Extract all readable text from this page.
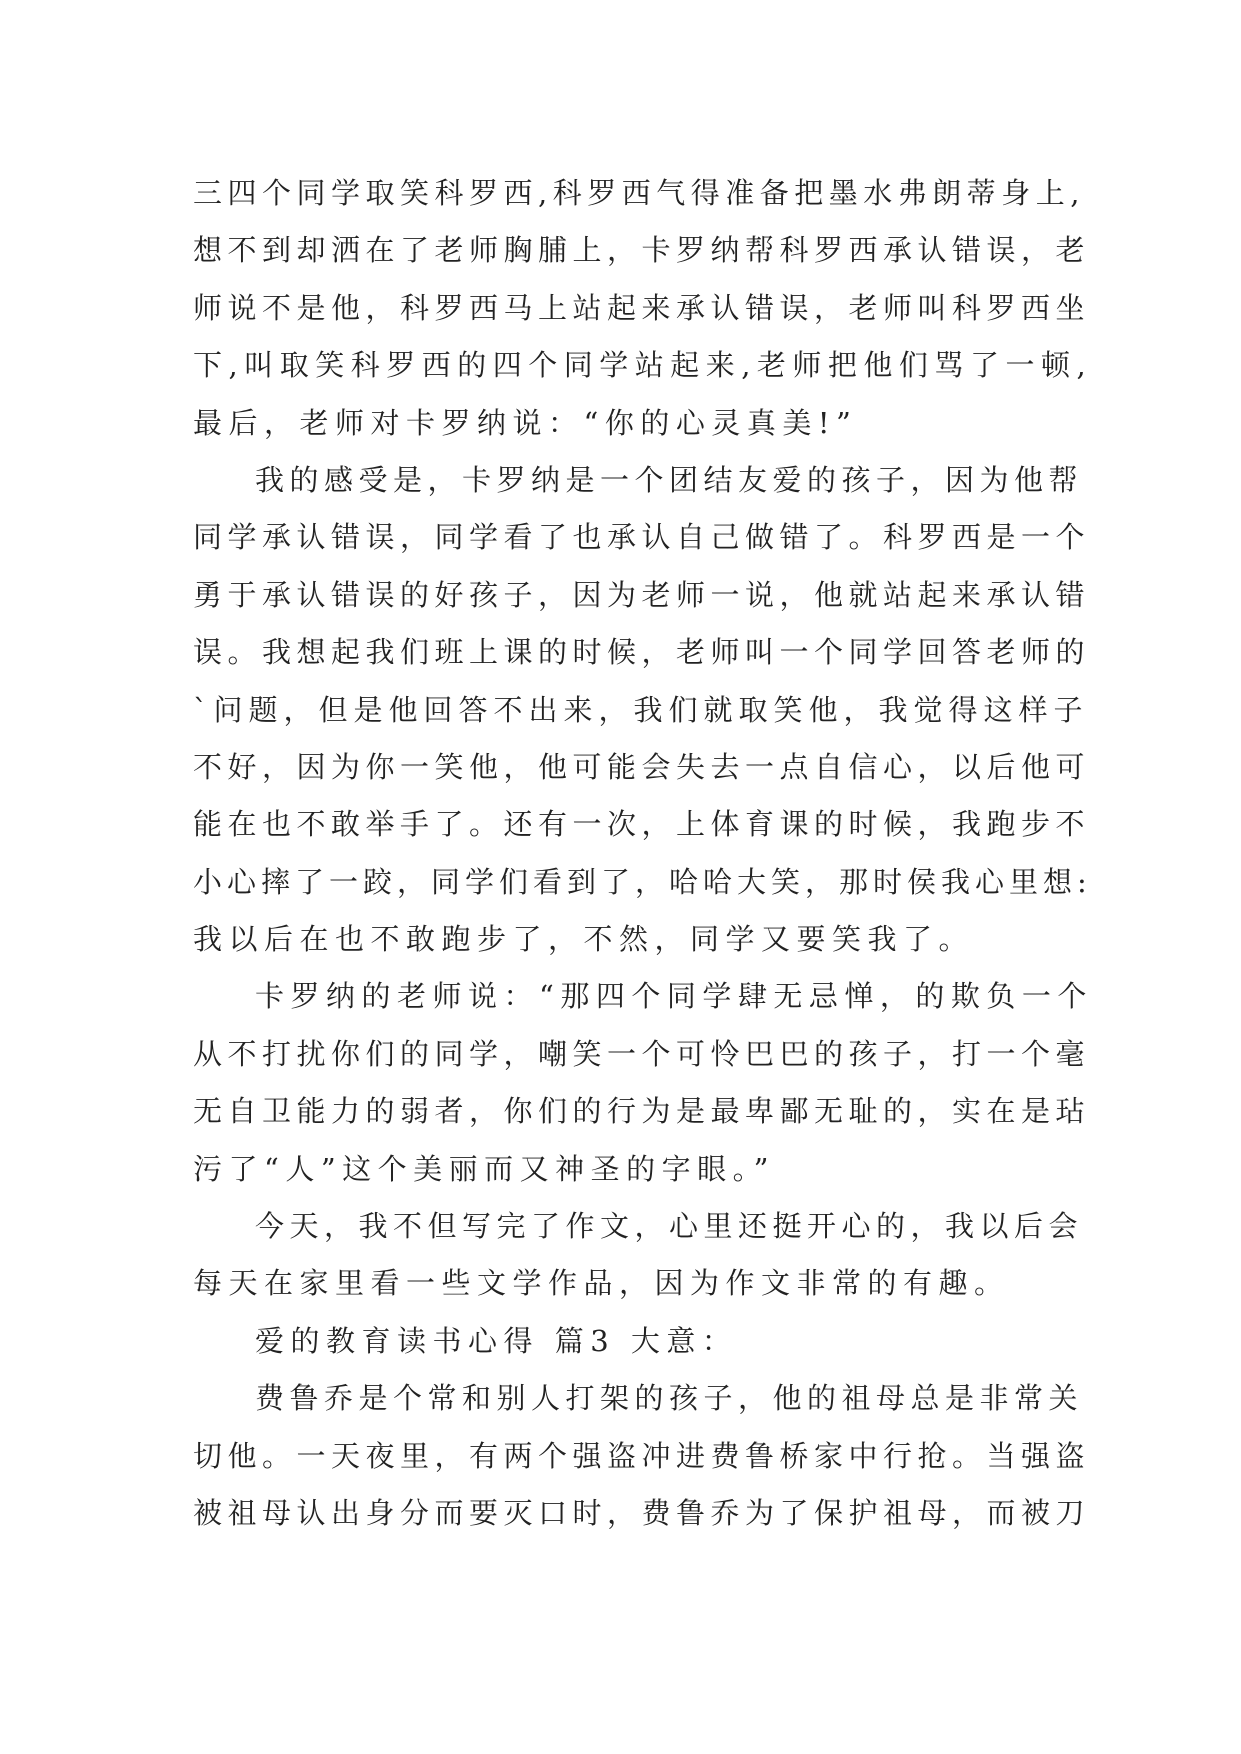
三四个同学取笑科罗西,科罗西气得准备把墨水弗朗蒂身上,
想不到却洒在了老师胸脯上，卡罗纳帮科罗西承认错误，老
师说不是他，科罗西马上站起来承认错误，老师叫科罗西坐
下,叫取笑科罗西的四个同学站起来,老师把他们骂了一顿,
最后，老师对卡罗纳说：“你的心灵真美!”
我的感受是，卡罗纳是一个团结友爱的孩子，因为他帮
同学承认错误，同学看了也承认自己做错了。科罗西是一个
勇于承认错误的好孩子，因为老师一说，他就站起来承认错
误。我想起我们班上课的时候，老师叫一个同学回答老师的
`问题，但是他回答不出来，我们就取笑他，我觉得这样子
不好，因为你一笑他，他可能会失去一点自信心，以后他可
能在也不敢举手了。还有一次，上体育课的时候，我跑步不
小心摔了一跤，同学们看到了，哈哈大笑，那时侯我心里想:
我以后在也不敢跑步了，不然，同学又要笑我了。
卡罗纳的老师说：“那四个同学肆无忌惮，的欺负一个
从不打扰你们的同学，嘲笑一个可怜巴巴的孩子，打一个毫
无自卫能力的弱者，你们的行为是最卑鄙无耻的，实在是玷
污了“人”这个美丽而又神圣的字眼。”
今天，我不但写完了作文，心里还挺开心的，我以后会
每天在家里看一些文学作品，因为作文非常的有趣。
爱的教育读书心得 篇3 大意：
费鲁乔是个常和别人打架的孩子，他的祖母总是非常关
切他。一天夜里，有两个强盗冲进费鲁桥家中行抢。当强盗
被祖母认出身分而要灭口时，费鲁乔为了保护祖母，而被刀
